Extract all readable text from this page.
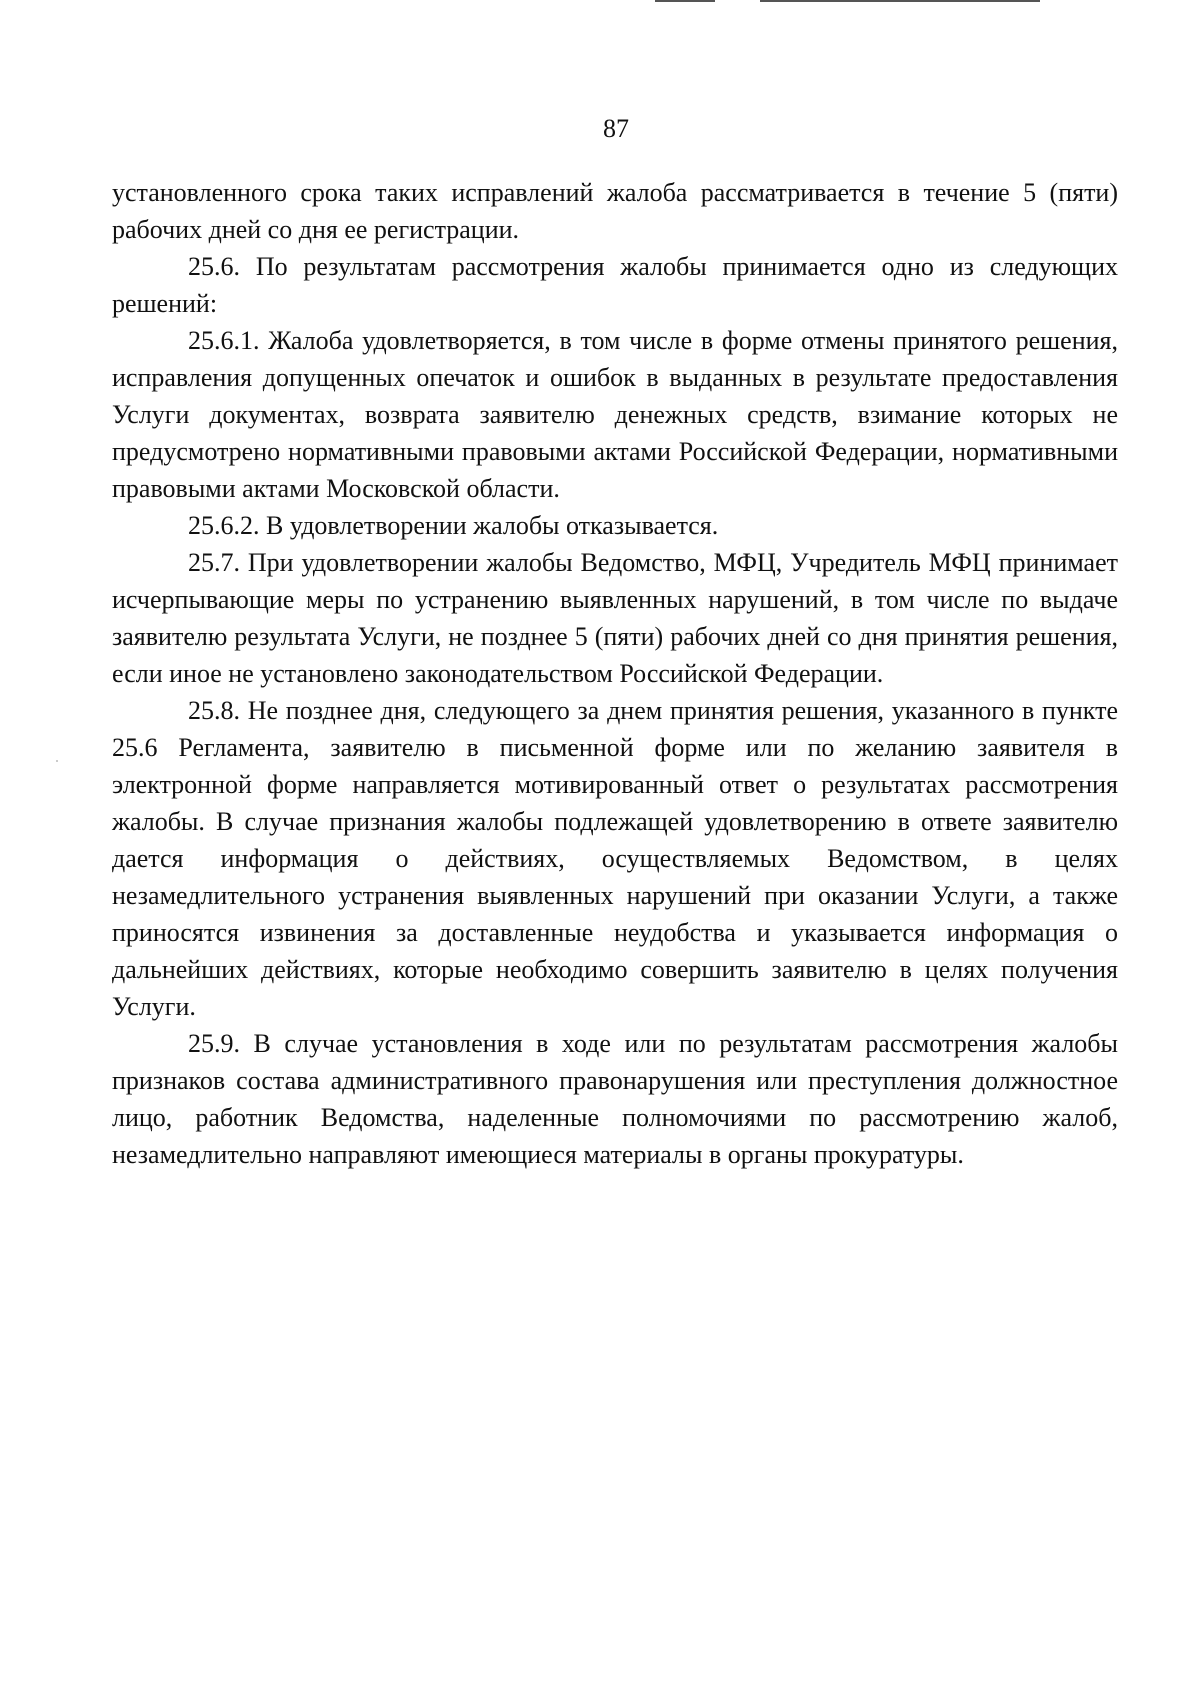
87

установленного срока таких исправлений жалоба рассматривается в течение 5 (пяти) рабочих дней со дня ее регистрации.

25.6. По результатам рассмотрения жалобы принимается одно из следующих решений:

25.6.1. Жалоба удовлетворяется, в том числе в форме отмены принятого решения, исправления допущенных опечаток и ошибок в выданных в результате предоставления Услуги документах, возврата заявителю денежных средств, взимание которых не предусмотрено нормативными правовыми актами Российской Федерации, нормативными правовыми актами Московской области.

25.6.2. В удовлетворении жалобы отказывается.

25.7. При удовлетворении жалобы Ведомство, МФЦ, Учредитель МФЦ принимает исчерпывающие меры по устранению выявленных нарушений, в том числе по выдаче заявителю результата Услуги, не позднее 5 (пяти) рабочих дней со дня принятия решения, если иное не установлено законодательством Российской Федерации.

25.8. Не позднее дня, следующего за днем принятия решения, указанного в пункте 25.6 Регламента, заявителю в письменной форме или по желанию заявителя в электронной форме направляется мотивированный ответ о результатах рассмотрения жалобы. В случае признания жалобы подлежащей удовлетворению в ответе заявителю дается информация о действиях, осуществляемых Ведомством, в целях незамедлительного устранения выявленных нарушений при оказании Услуги, а также приносятся извинения за доставленные неудобства и указывается информация о дальнейших действиях, которые необходимо совершить заявителю в целях получения Услуги.

25.9. В случае установления в ходе или по результатам рассмотрения жалобы признаков состава административного правонарушения или преступления должностное лицо, работник Ведомства, наделенные полномочиями по рассмотрению жалоб, незамедлительно направляют имеющиеся материалы в органы прокуратуры.
